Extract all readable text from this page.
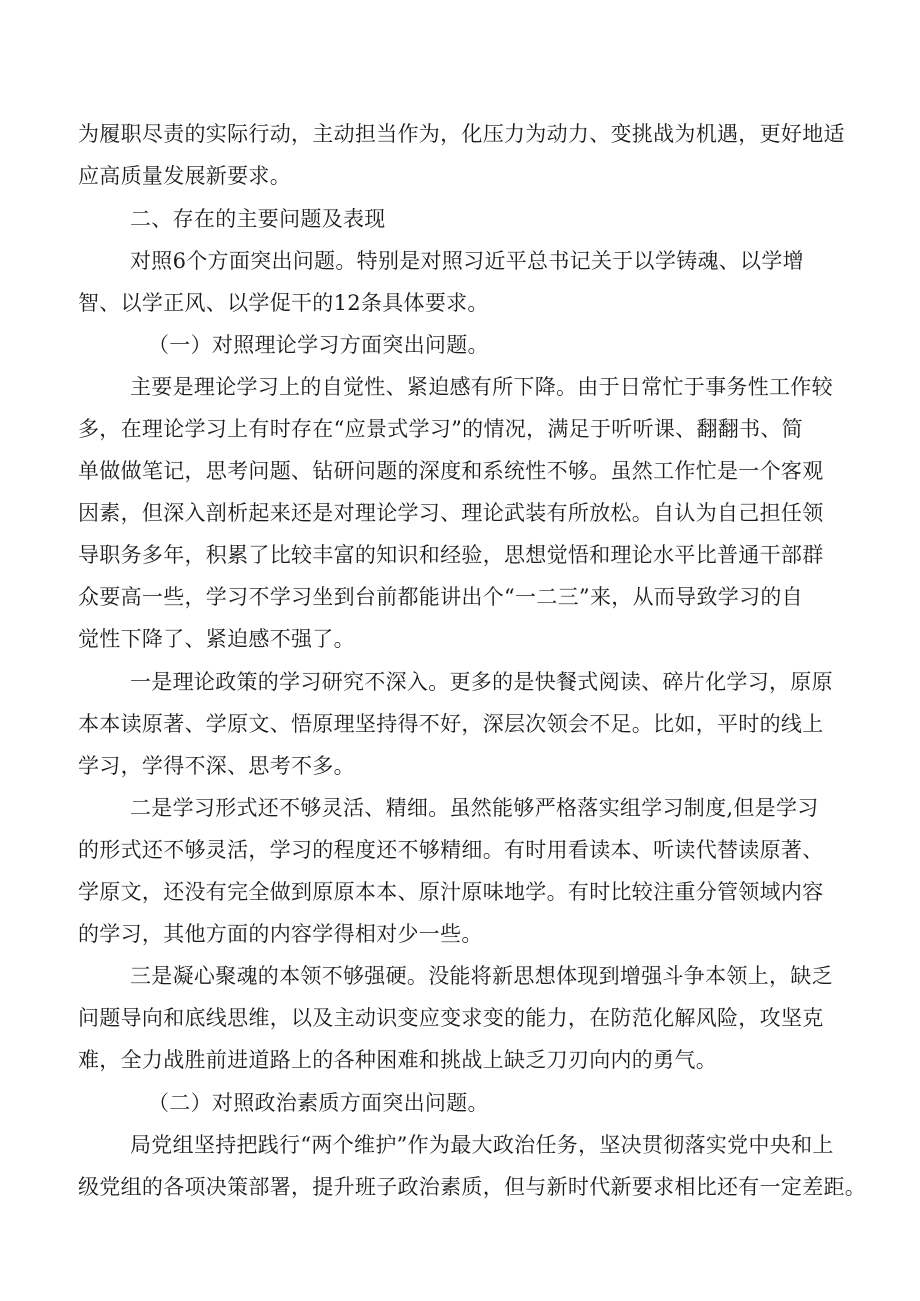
为履职尽责的实际行动，主动担当作为，化压力为动力、变挑战为机遇，更好地适
应高质量发展新要求。
二、存在的主要问题及表现
对照6个方面突出问题。特别是对照习近平总书记关于以学铸魂、以学增
智、以学正风、以学促干的12条具体要求。
（一）对照理论学习方面突出问题。
主要是理论学习上的自觉性、紧迫感有所下降。由于日常忙于事务性工作较
多，在理论学习上有时存在“应景式学习”的情况，满足于听听课、翻翻书、简
单做做笔记，思考问题、钻研问题的深度和系统性不够。虽然工作忙是一个客观
因素，但深入剖析起来还是对理论学习、理论武装有所放松。自认为自己担任领
导职务多年，积累了比较丰富的知识和经验，思想觉悟和理论水平比普通干部群
众要高一些，学习不学习坐到台前都能讲出个“一二三”来，从而导致学习的自
觉性下降了、紧迫感不强了。
一是理论政策的学习研究不深入。更多的是快餐式阅读、碎片化学习，原原
本本读原著、学原文、悟原理坚持得不好，深层次领会不足。比如，平时的线上
学习，学得不深、思考不多。
二是学习形式还不够灵活、精细。虽然能够严格落实组学习制度,但是学习
的形式还不够灵活，学习的程度还不够精细。有时用看读本、听读代替读原著、
学原文，还没有完全做到原原本本、原汁原味地学。有时比较注重分管领域内容
的学习，其他方面的内容学得相对少一些。
三是凝心聚魂的本领不够强硬。没能将新思想体现到增强斗争本领上，缺乏
问题导向和底线思维，以及主动识变应变求变的能力，在防范化解风险，攻坚克
难，全力战胜前进道路上的各种困难和挑战上缺乏刀刃向内的勇气。
（二）对照政治素质方面突出问题。
局党组坚持把践行“两个维护”作为最大政治任务，坚决贯彻落实党中央和上
级党组的各项决策部署，提升班子政治素质，但与新时代新要求相比还有一定差距。
